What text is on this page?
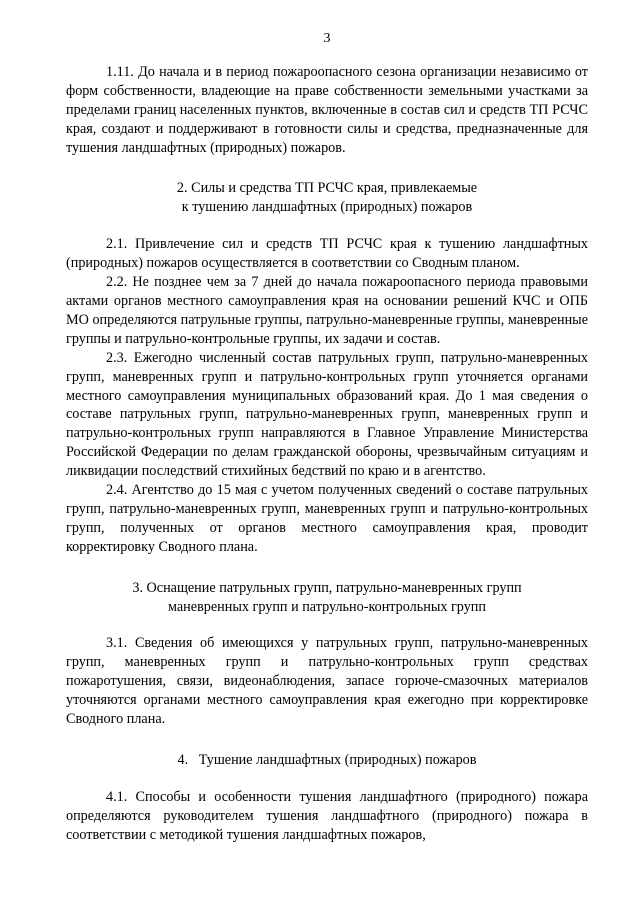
3

1.11. До начала и в период пожароопасного сезона организации независимо от форм собственности, владеющие на праве собственности земельными участками за пределами границ населенных пунктов, включенные в состав сил и средств ТП РСЧС края, создают и поддерживают в готовности силы и средства, предназначенные для тушения ландшафтных (природных) пожаров.

2. Силы и средства ТП РСЧС края, привлекаемые
к тушению ландшафтных (природных) пожаров

2.1. Привлечение сил и средств ТП РСЧС края к тушению ландшафтных (природных) пожаров осуществляется в соответствии со Сводным планом.

2.2. Не позднее чем за 7 дней до начала пожароопасного периода правовыми актами органов местного самоуправления края на основании решений КЧС и ОПБ МО определяются патрульные группы, патрульно-маневренные группы, маневренные группы и патрульно-контрольные группы, их задачи и состав.

2.3. Ежегодно численный состав патрульных групп, патрульно-маневренных групп, маневренных групп и патрульно-контрольных групп уточняется органами местного самоуправления муниципальных образований края. До 1 мая сведения о составе патрульных групп, патрульно-маневренных групп, маневренных групп и патрульно-контрольных групп направляются в Главное Управление Министерства Российской Федерации по делам гражданской обороны, чрезвычайным ситуациям и ликвидации последствий стихийных бедствий по краю и в агентство.

2.4. Агентство до 15 мая с учетом полученных сведений о составе патрульных групп, патрульно-маневренных групп, маневренных групп и патрульно-контрольных групп, полученных от органов местного самоуправления края, проводит корректировку Сводного плана.

3. Оснащение патрульных групп, патрульно-маневренных групп
маневренных групп и патрульно-контрольных групп

3.1. Сведения об имеющихся у патрульных групп, патрульно-маневренных групп, маневренных групп и патрульно-контрольных групп средствах пожаротушения, связи, видеонаблюдения, запасе горюче-смазочных материалов уточняются органами местного самоуправления края ежегодно при корректировке Сводного плана.

4.   Тушение ландшафтных (природных) пожаров

4.1. Способы и особенности тушения ландшафтного (природного) пожара определяются руководителем тушения ландшафтного (природного) пожара в соответствии с методикой тушения ландшафтных пожаров,
